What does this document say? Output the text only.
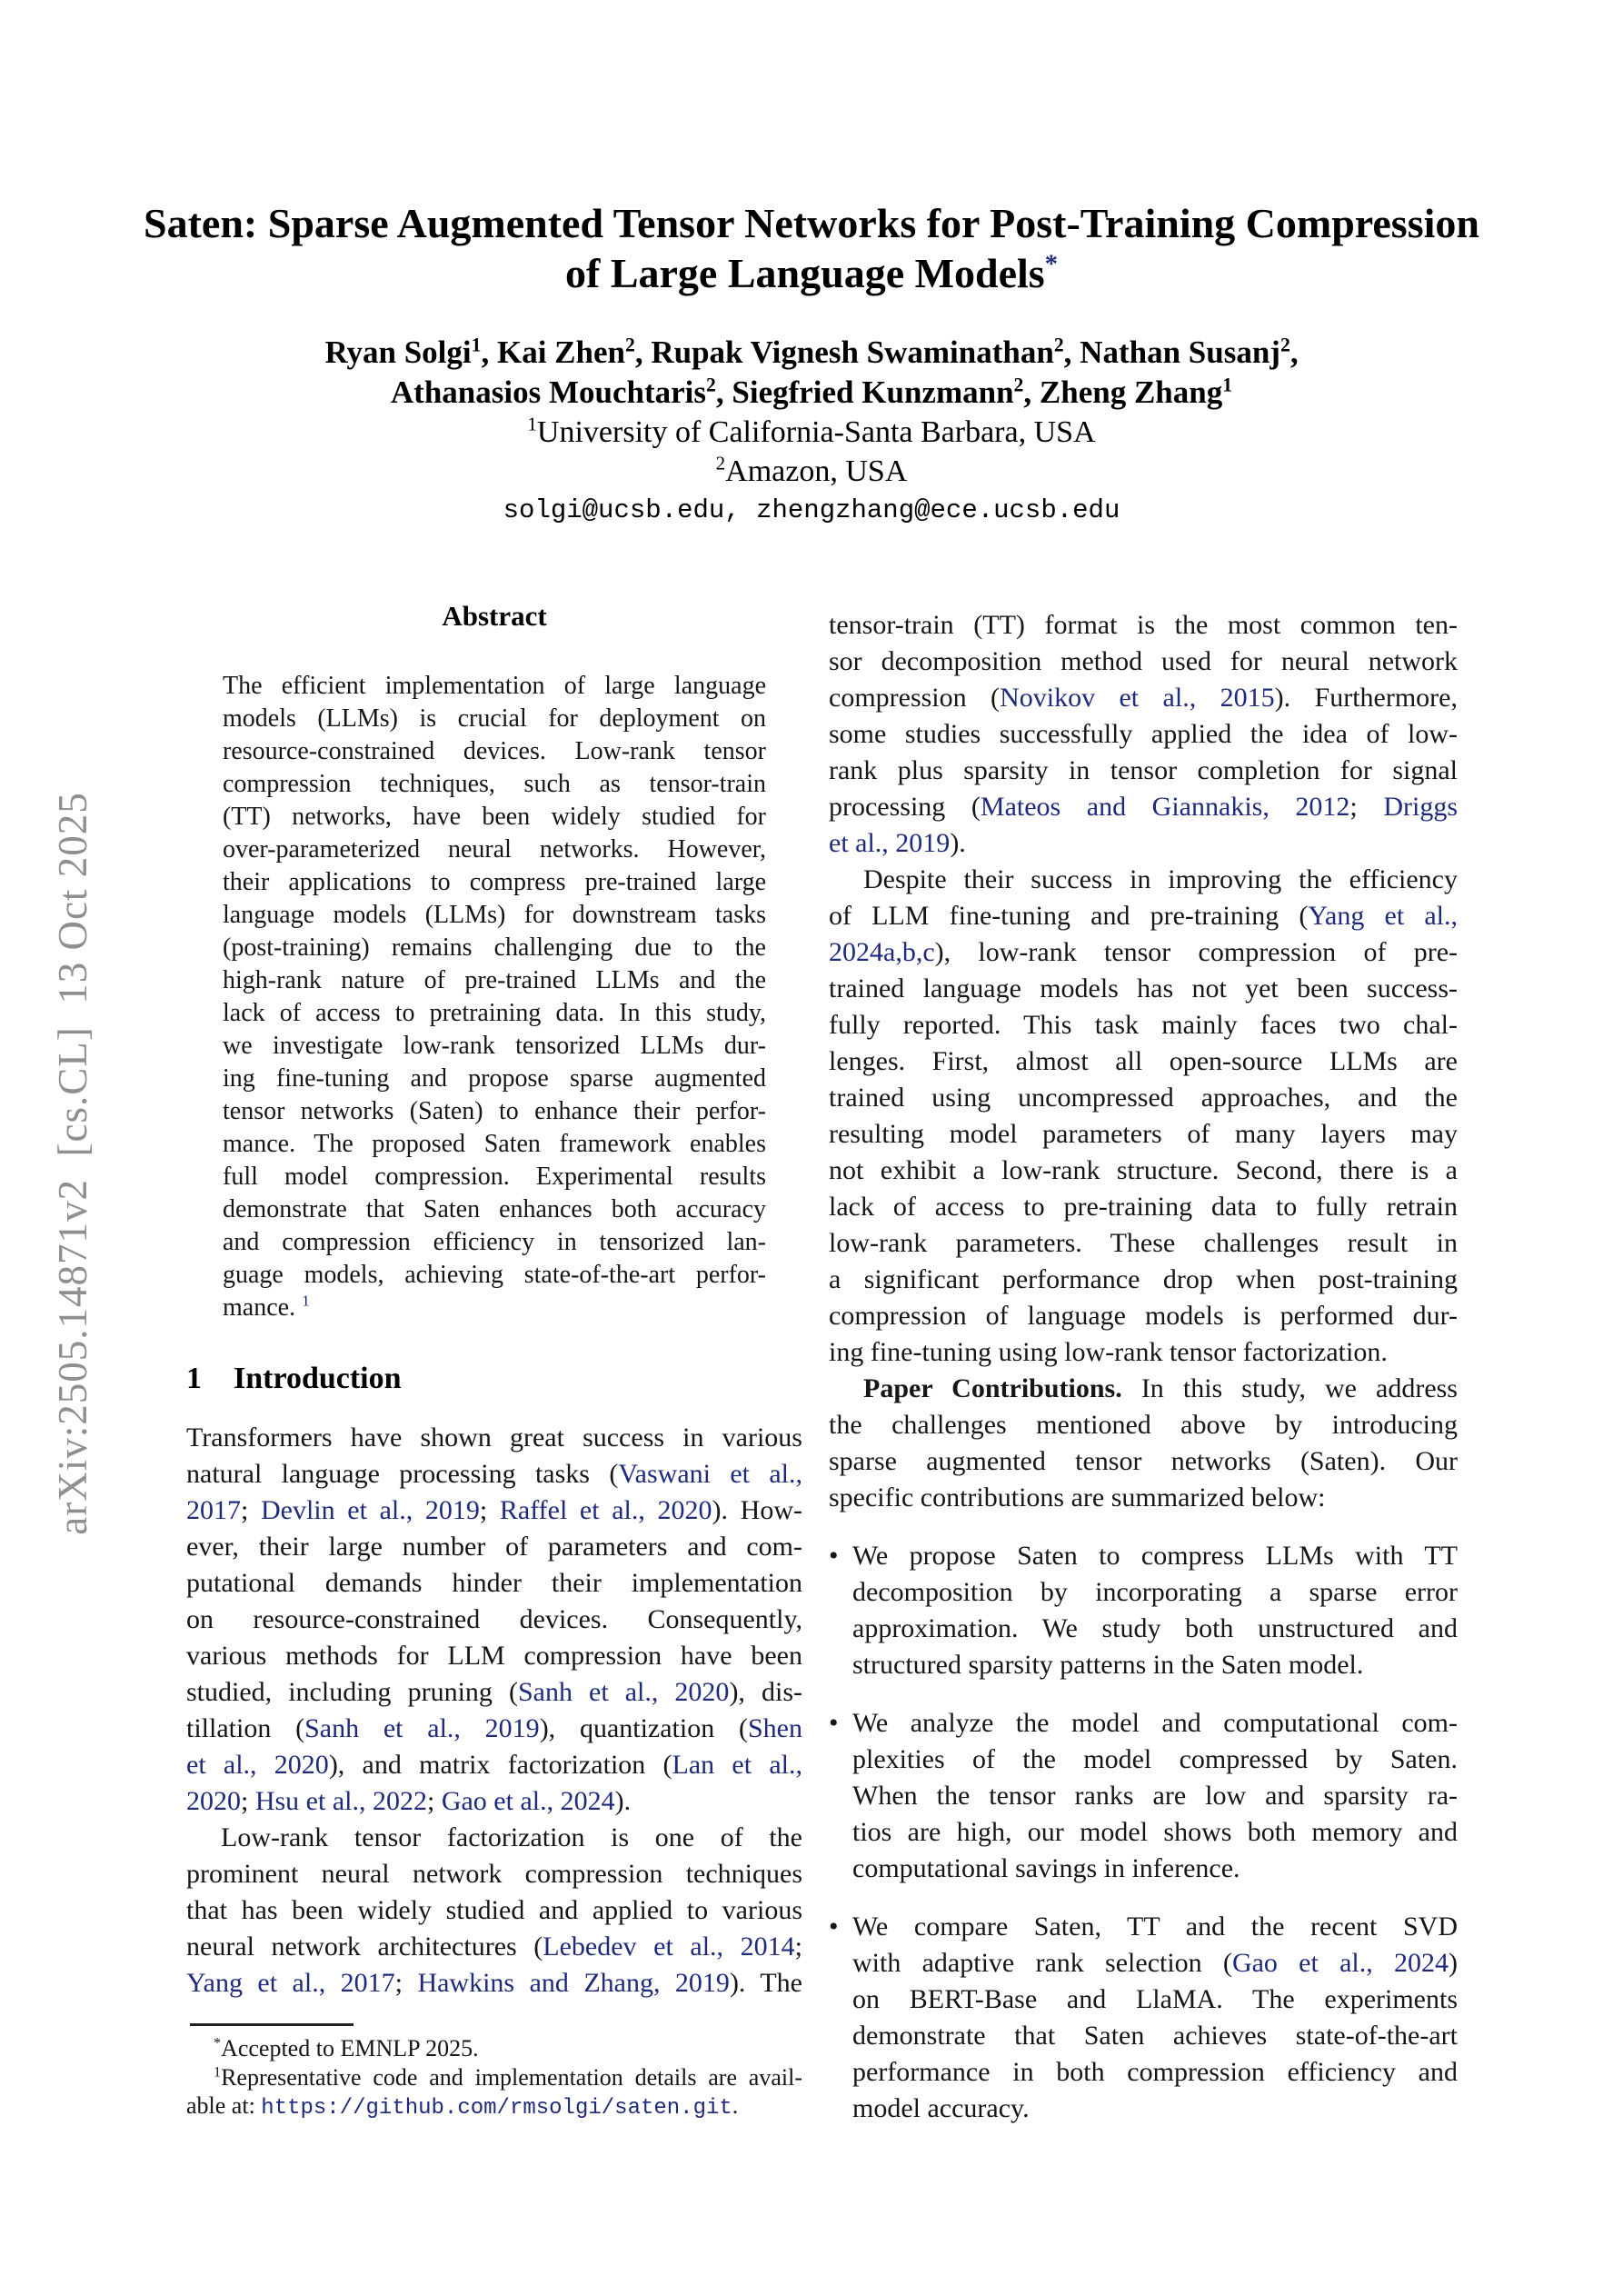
arXiv:2505.14871v2  [cs.CL]  13 Oct 2025
Saten: Sparse Augmented Tensor Networks for Post-Training Compression
of Large Language Models*
Ryan Solgi$^1$, Kai Zhen$^2$, Rupak Vignesh Swaminathan$^2$, Nathan Susanj$^2$,
Athanasios Mouchtaris$^2$, Siegfried Kunzmann$^2$, Zheng Zhang$^1$
$^1$University of California-Santa Barbara, USA
$^2$Amazon, USA
solgi@ucsb.edu, zhengzhang@ece.ucsb.edu
Abstract
The efficient implementation of large language
models (LLMs) is crucial for deployment on
resource-constrained devices. Low-rank tensor
compression techniques, such as tensor-train
(TT) networks, have been widely studied for
over-parameterized neural networks. However,
their applications to compress pre-trained large
language models (LLMs) for downstream tasks
(post-training) remains challenging due to the
high-rank nature of pre-trained LLMs and the
lack of access to pretraining data. In this study,
we investigate low-rank tensorized LLMs dur-
ing fine-tuning and propose sparse augmented
tensor networks (Saten) to enhance their perfor-
mance. The proposed Saten framework enables
full model compression. Experimental results
demonstrate that Saten enhances both accuracy
and compression efficiency in tensorized lan-
guage models, achieving state-of-the-art perfor-
mance. $^1$
1 Introduction
Transformers have shown great success in various
natural language processing tasks (Vaswani et al.,
2017; Devlin et al., 2019; Raffel et al., 2020). How-
ever, their large number of parameters and com-
putational demands hinder their implementation
on resource-constrained devices. Consequently,
various methods for LLM compression have been
studied, including pruning (Sanh et al., 2020), dis-
tillation (Sanh et al., 2019), quantization (Shen
et al., 2020), and matrix factorization (Lan et al.,
2020; Hsu et al., 2022; Gao et al., 2024).
Low-rank tensor factorization is one of the
prominent neural network compression techniques
that has been widely studied and applied to various
neural network architectures (Lebedev et al., 2014;
Yang et al., 2017; Hawkins and Zhang, 2019). The
*Accepted to EMNLP 2025.
$^1$Representative code and implementation details are avail-
able at: https://github.com/rmsolgi/saten.git.
tensor-train (TT) format is the most common ten-
sor decomposition method used for neural network
compression (Novikov et al., 2015). Furthermore,
some studies successfully applied the idea of low-
rank plus sparsity in tensor completion for signal
processing (Mateos and Giannakis, 2012; Driggs
et al., 2019).
Despite their success in improving the efficiency
of LLM fine-tuning and pre-training (Yang et al.,
2024a,b,c), low-rank tensor compression of pre-
trained language models has not yet been success-
fully reported. This task mainly faces two chal-
lenges. First, almost all open-source LLMs are
trained using uncompressed approaches, and the
resulting model parameters of many layers may
not exhibit a low-rank structure. Second, there is a
lack of access to pre-training data to fully retrain
low-rank parameters. These challenges result in
a significant performance drop when post-training
compression of language models is performed dur-
ing fine-tuning using low-rank tensor factorization.
Paper Contributions. In this study, we address
the challenges mentioned above by introducing
sparse augmented tensor networks (Saten). Our
specific contributions are summarized below:
• We propose Saten to compress LLMs with TT
decomposition by incorporating a sparse error
approximation. We study both unstructured and
structured sparsity patterns in the Saten model.
• We analyze the model and computational com-
plexities of the model compressed by Saten.
When the tensor ranks are low and sparsity ra-
tios are high, our model shows both memory and
computational savings in inference.
• We compare Saten, TT and the recent SVD
with adaptive rank selection (Gao et al., 2024)
on BERT-Base and LlaMA. The experiments
demonstrate that Saten achieves state-of-the-art
performance in both compression efficiency and
model accuracy.
